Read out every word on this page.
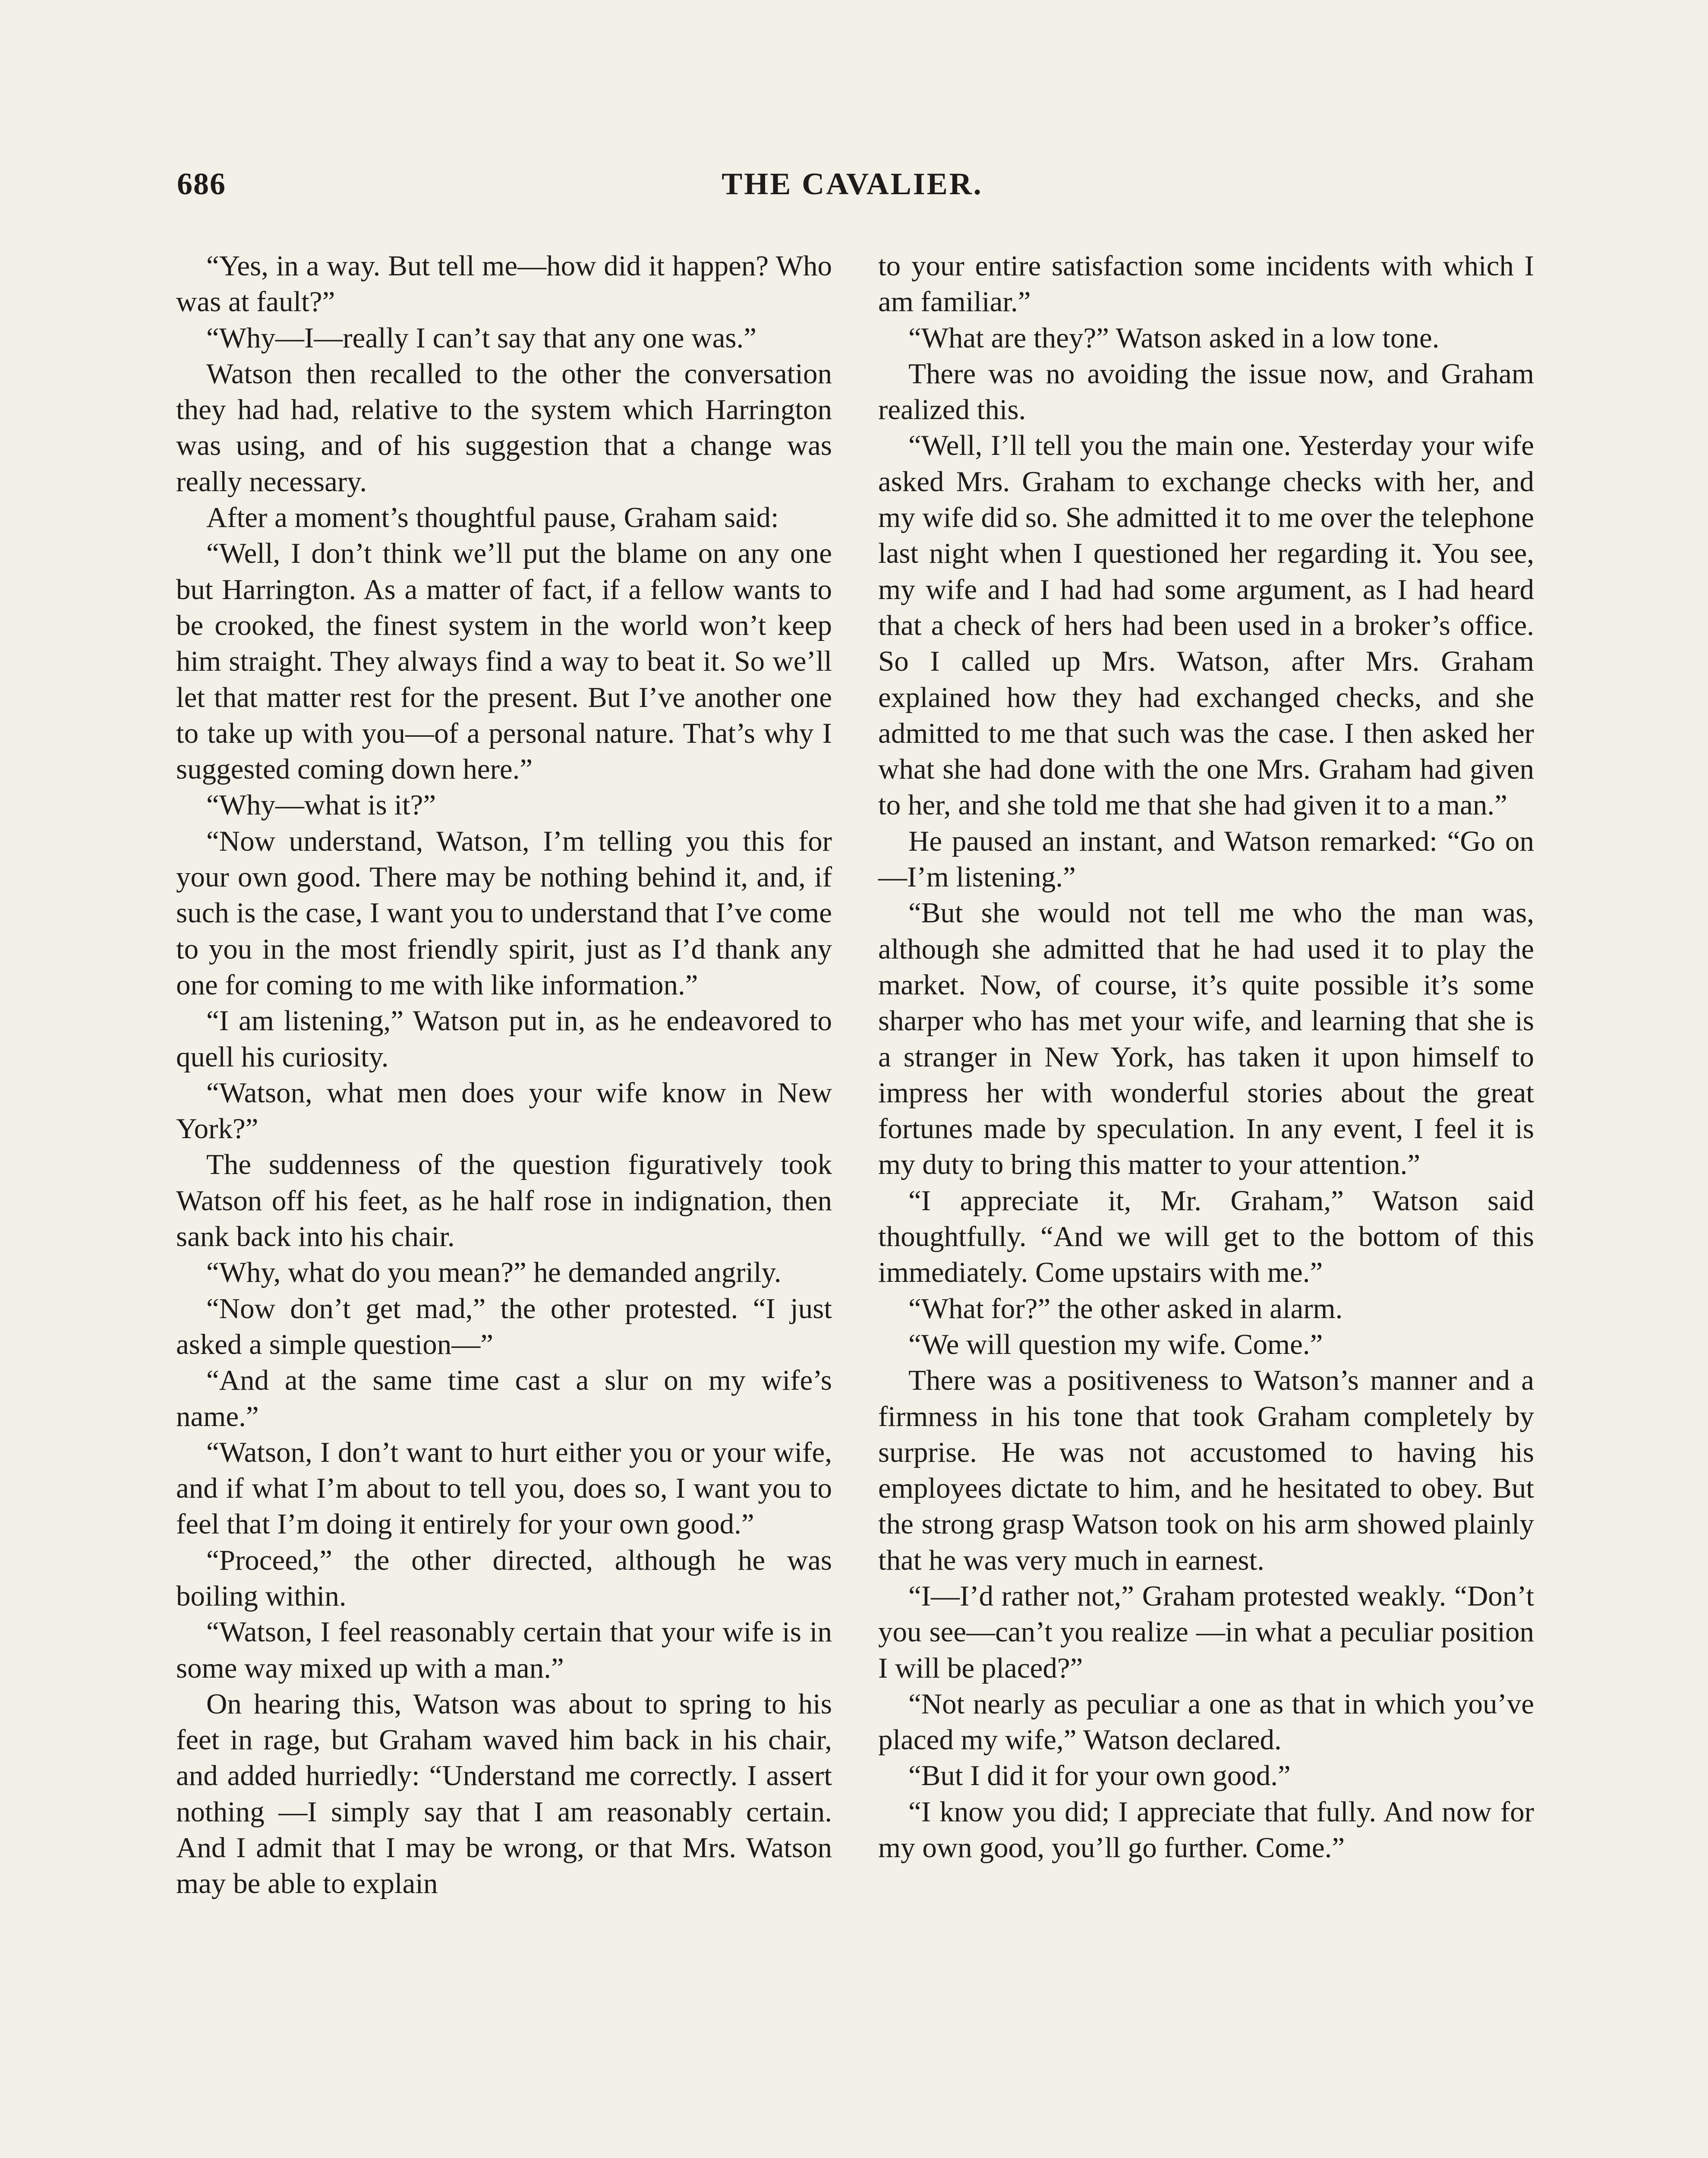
686	THE CAVALIER.

“Yes, in a way. But tell me—how did it happen? Who was at fault?”

“Why—I—really I can’t say that any one was.”

Watson then recalled to the other the conversation they had had, relative to the system which Harrington was using, and of his suggestion that a change was really necessary.

After a moment’s thoughtful pause, Graham said:

“Well, I don’t think we’ll put the blame on any one but Harrington. As a matter of fact, if a fellow wants to be crooked, the finest system in the world won’t keep him straight. They always find a way to beat it. So we’ll let that matter rest for the present. But I’ve another one to take up with you—of a personal nature. That’s why I suggested coming down here.”

“Why—what is it?”

“Now understand, Watson, I’m telling you this for your own good. There may be nothing behind it, and, if such is the case, I want you to understand that I’ve come to you in the most friendly spirit, just as I’d thank any one for coming to me with like information.”

“I am listening,” Watson put in, as he endeavored to quell his curiosity.

“Watson, what men does your wife know in New York?”

The suddenness of the question figuratively took Watson off his feet, as he half rose in indignation, then sank back into his chair.

“Why, what do you mean?” he demanded angrily.

“Now don’t get mad,” the other protested. “I just asked a simple question—”

“And at the same time cast a slur on my wife’s name.”

“Watson, I don’t want to hurt either you or your wife, and if what I’m about to tell you, does so, I want you to feel that I’m doing it entirely for your own good.”

“Proceed,” the other directed, although he was boiling within.

“Watson, I feel reasonably certain that your wife is in some way mixed up with a man.”

On hearing this, Watson was about to spring to his feet in rage, but Graham waved him back in his chair, and added hurriedly: “Understand me correctly. I assert nothing —I simply say that I am reasonably certain. And I admit that I may be wrong, or that Mrs. Watson may be able to explain

to your entire satisfaction some incidents with which I am familiar.”

“What are they?” Watson asked in a low tone.

There was no avoiding the issue now, and Graham realized this.

“Well, I’ll tell you the main one. Yesterday your wife asked Mrs. Graham to exchange checks with her, and my wife did so. She admitted it to me over the telephone last night when I questioned her regarding it. You see, my wife and I had had some argument, as I had heard that a check of hers had been used in a broker’s office. So I called up Mrs. Watson, after Mrs. Graham explained how they had exchanged checks, and she admitted to me that such was the case. I then asked her what she had done with the one Mrs. Graham had given to her, and she told me that she had given it to a man.”

He paused an instant, and Watson remarked: “Go on—I’m listening.”

“But she would not tell me who the man was, although she admitted that he had used it to play the market. Now, of course, it’s quite possible it’s some sharper who has met your wife, and learning that she is a stranger in New York, has taken it upon himself to impress her with wonderful stories about the great fortunes made by speculation. In any event, I feel it is my duty to bring this matter to your attention.”

“I appreciate it, Mr. Graham,” Watson said thoughtfully. “And we will get to the bottom of this immediately. Come upstairs with me.”

“What for?” the other asked in alarm.

“We will question my wife. Come.”

There was a positiveness to Watson’s manner and a firmness in his tone that took Graham completely by surprise. He was not accustomed to having his employees dictate to him, and he hesitated to obey. But the strong grasp Watson took on his arm showed plainly that he was very much in earnest.

“I—I’d rather not,” Graham protested weakly. “Don’t you see—can’t you realize —in what a peculiar position I will be placed?”

“Not nearly as peculiar a one as that in which you’ve placed my wife,” Watson declared.

“But I did it for your own good.”

“I know you did; I appreciate that fully. And now for my own good, you’ll go further. Come.”
